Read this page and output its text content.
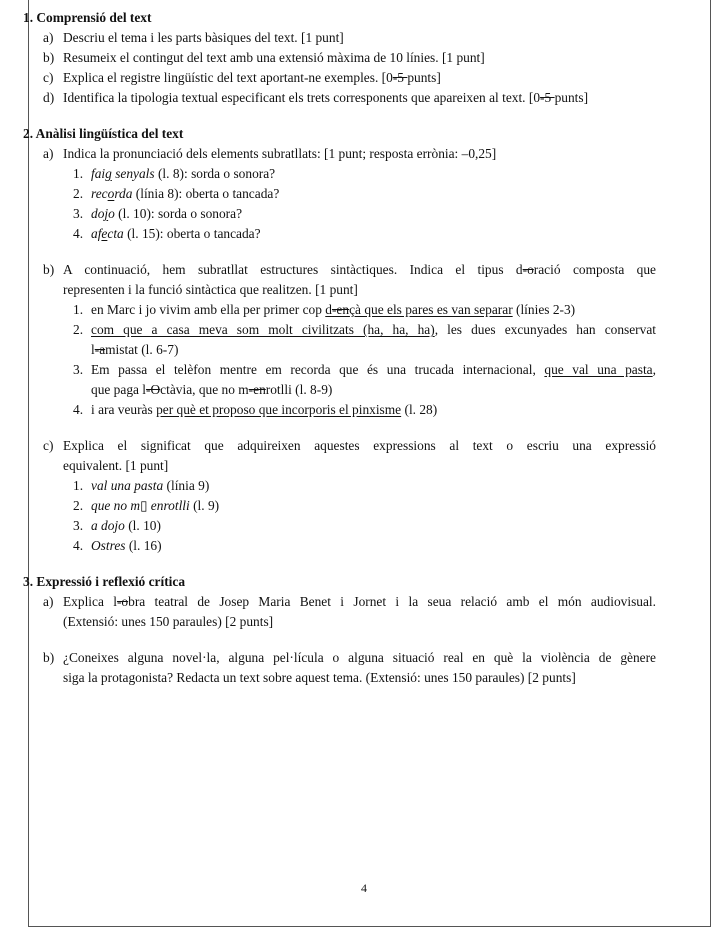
1. Comprensió del text
a) Descriu el tema i les parts bàsiques del text. [1 punt]
b) Resumeix el contingut del text amb una extensió màxima de 10 línies. [1 punt]
c) Explica el registre lingüístic del text aportant-ne exemples. [0-5 punts]
d) Identifica la tipologia textual especificant els trets corresponents que apareixen al text. [0-5 punts]
2. Anàlisi lingüística del text
a) Indica la pronunciació dels elements subratllats: [1 punt; resposta errònia: –0,25]
1. faig senyals (l. 8): sorda o sonora?
2. recorda (línia 8): oberta o tancada?
3. dojo (l. 10): sorda o sonora?
4. afecta (l. 15): oberta o tancada?
b) A continuació, hem subratllat estructures sintàctiques. Indica el tipus d-oració composta que
representen i la funció sintàctica que realitzen. [1 punt]
1. en Marc i jo vivim amb ella per primer cop d-ençà que els pares es van separar (línies 2-3)
2. com que a casa meva som molt civilitzats (ha, ha, ha), les dues excunyades han conservat
l-amistat (l. 6-7)
3. Em passa el telèfon mentre em recorda que és una trucada internacional, que val una pasta,
que paga l-Octàvia, que no m-enrotlli (l. 8-9)
4. i ara veuràs per què et proposo que incorporis el pinxisme (l. 28)
c) Explica el significat que adquireixen aquestes expressions al text o escriu una expressió
equivalent. [1 punt]
1. val una pasta (línia 9)
2. que no m▯ enrotlli (l. 9)
3. a dojo (l. 10)
4. Ostres (l. 16)
3. Expressió i reflexió crítica
a) Explica l-obra teatral de Josep Maria Benet i Jornet i la seua relació amb el món audiovisual.
(Extensió: unes 150 paraules) [2 punts]
b) ¿Coneixes alguna novel·la, alguna pel·lícula o alguna situació real en què la violència de gènere
siga la protagonista? Redacta un text sobre aquest tema. (Extensió: unes 150 paraules) [2 punts]
4
